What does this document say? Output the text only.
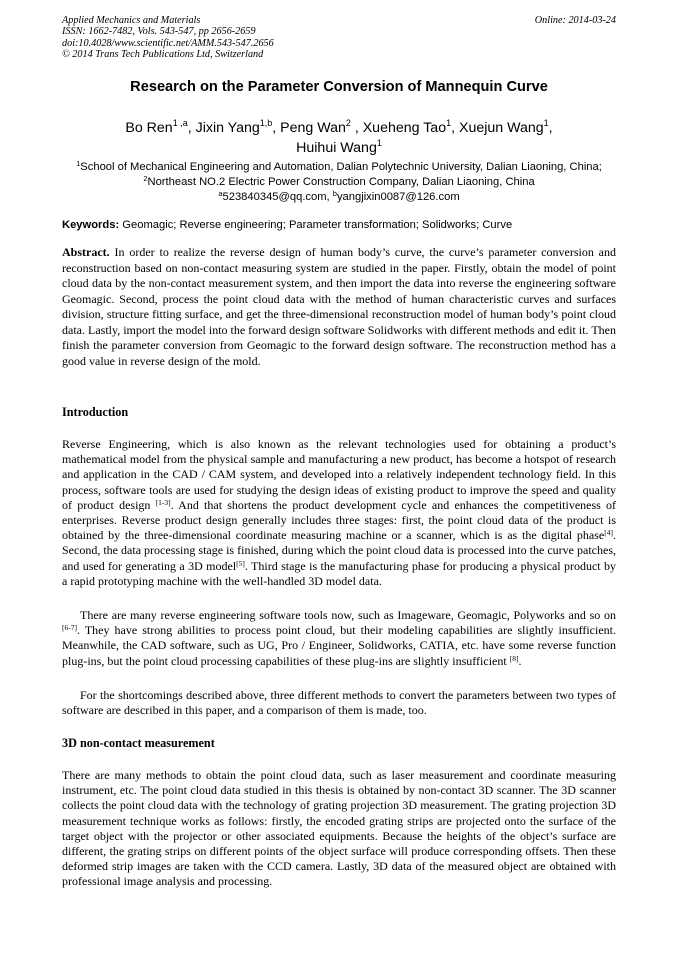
Applied Mechanics and Materials
ISSN: 1662-7482, Vols. 543-547, pp 2656-2659
doi:10.4028/www.scientific.net/AMM.543-547.2656
© 2014 Trans Tech Publications Ltd, Switzerland
Online: 2014-03-24
Research on the Parameter Conversion of Mannequin Curve
Bo Ren$^{1 ,a}$, Jixin Yang$^{1,b}$, Peng Wan$^2$ , Xueheng Tao$^1$, Xuejun Wang$^1$,
Huihui Wang$^1$
$^1$School of Mechanical Engineering and Automation, Dalian Polytechnic University, Dalian Liaoning, China; $^2$Northeast NO.2 Electric Power Construction Company, Dalian Liaoning, China
$^a$523840345@qq.com, $^b$yangjixin0087@126.com
Keywords: Geomagic; Reverse engineering; Parameter transformation; Solidworks; Curve
Abstract. In order to realize the reverse design of human body’s curve, the curve’s parameter conversion and reconstruction based on non-contact measuring system are studied in the paper. Firstly, obtain the model of point cloud data by the non-contact measurement system, and then import the data into reverse the engineering software Geomagic. Second, process the point cloud data with the method of human characteristic curves and surfaces division, structure fitting surface, and get the three-dimensional reconstruction model of human body’s point cloud data. Lastly, import the model into the forward design software Solidworks with different methods and edit it. Then finish the parameter conversion from Geomagic to the forward design software. The reconstruction method has a good value in reverse design of the mold.
Introduction

Reverse Engineering, which is also known as the relevant technologies used for obtaining a product’s mathematical model from the physical sample and manufacturing a new product, has become a hotspot of research and application in the CAD / CAM system, and developed into a relatively independent technology field. In this process, software tools are used for studying the design ideas of existing product to improve the speed and quality of product design [1-3]. And that shortens the product development cycle and enhances the competitiveness of enterprises. Reverse product design generally includes three stages: first, the point cloud data of the product is obtained by the three-dimensional coordinate measuring machine or a scanner, which is as the digital phase[4]. Second, the data processing stage is finished, during which the point cloud data is processed into the curve patches, and used for generating a 3D model[5]. Third stage is the manufacturing phase for producing a physical product by a rapid prototyping machine with the well-handled 3D model data.

There are many reverse engineering software tools now, such as Imageware, Geomagic, Polyworks and so on [6-7]. They have strong abilities to process point cloud, but their modeling capabilities are slightly insufficient. Meanwhile, the CAD software, such as UG, Pro / Engineer, Solidworks, CATIA, etc. have some reverse function plug-ins, but the point cloud processing capabilities of these plug-ins are slightly insufficient [8].

For the shortcomings described above, three different methods to convert the parameters between two types of software are described in this paper, and a comparison of them is made, too.

3D non-contact measurement

There are many methods to obtain the point cloud data, such as laser measurement and coordinate measuring instrument, etc. The point cloud data studied in this thesis is obtained by non-contact 3D scanner. The 3D scanner collects the point cloud data with the technology of grating projection 3D measurement. The grating projection 3D measurement technique works as follows: firstly, the encoded grating strips are projected onto the surface of the target object with the projector or other associated equipments. Because the heights of the object’s surface are different, the grating strips on different points of the object surface will produce corresponding offsets. Then these deformed strip images are taken with the CCD camera. Lastly, 3D data of the measured object are obtained with professional image analysis and processing.
